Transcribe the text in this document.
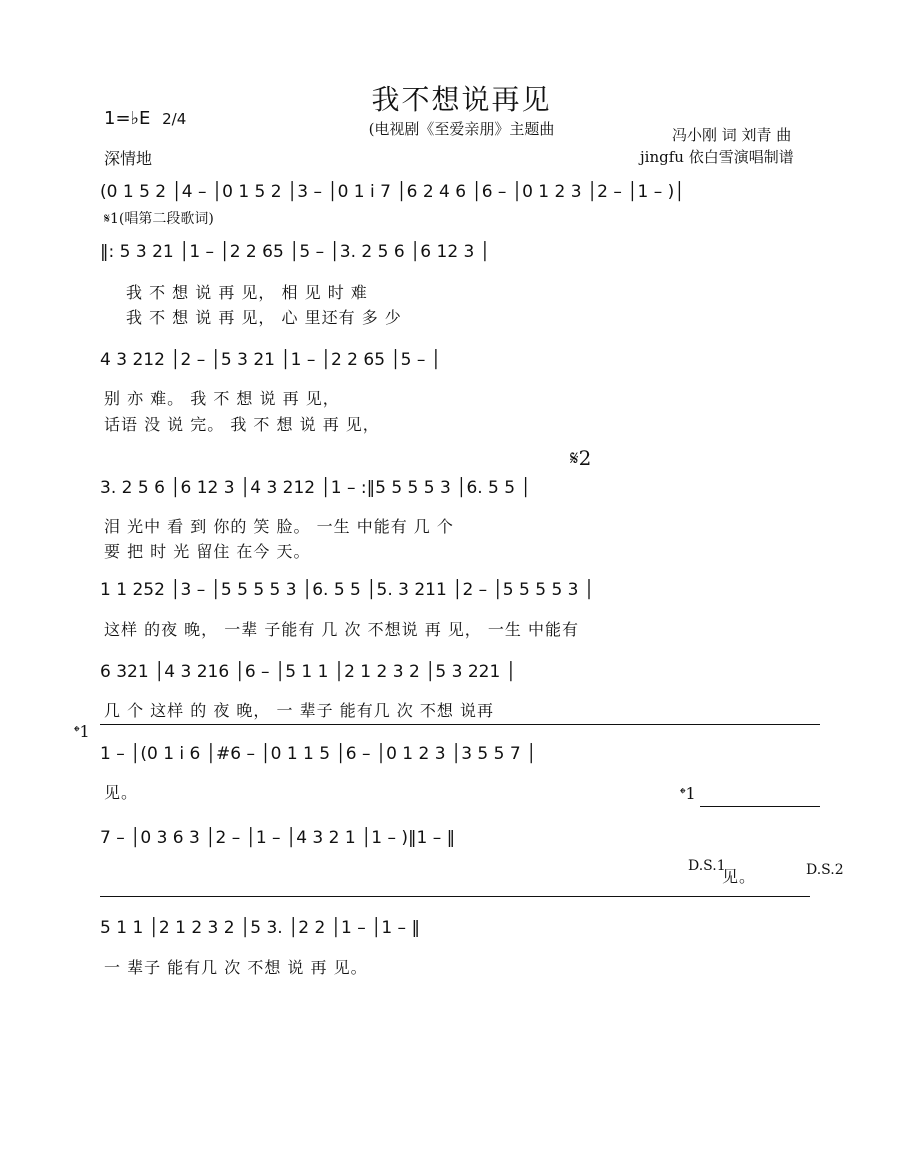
我不想说再见
(电视剧《至爱亲朋》主题曲
1=♭E 2/4
深情地
冯小刚 词 刘青 曲
jingfu 依白雪演唱制谱
(0 1 5 2 │4 – │0 1 5 2 │3 – │0 1 i 7 │6 2 4 6 │6 – │0 1 2 3 │2 – │1 – )│
𝄋1(唱第二段歌词)
‖: 5 3 21 │1 – │2 2 65 │5 – │3. 2 5 6 │6 12 3 │
我 不 想 说 再 见， 相 见 时 难
我 不 想 说 再 见， 心 里还有 多 少
4 3 212 │2 – │5 3 21 │1 – │2 2 65 │5 – │
别 亦 难。 我 不 想 说 再 见，
话语 没 说 完。 我 不 想 说 再 见，
𝄋2
3. 2 5 6 │6 12 3 │4 3 212 │1 – :‖5 5 5 5 3 │6. 5 5 │
泪 光中 看 到 你的 笑 脸。 一生 中能有 几 个
要 把 时 光 留住 在今 天。
1 1 252 │3 – │5 5 5 5 3 │6. 5 5 │5. 3 211 │2 – │5 5 5 5 3 │
这样 的夜 晚， 一辈 子能有 几 次 不想说 再 见， 一生 中能有
6 321 │4 3 216 │6 – │5 1 1 │2 1 2 3 2 │5 3 221 │
几 个 这样 的 夜 晚， 一 辈子 能有几 次 不想 说再
𝄌1
1 – │(0 1 i 6 │#6 – │0 1 1 5 │6 – │0 1 2 3 │3 5 5 7 │
见。	𝄌1
7 – │0 3 6 3 │2 – │1 – │4 3 2 1 │1 – )‖1 – ‖
D.S.1
见。	D.S.2
5 1 1 │2 1 2 3 2 │5 3. │2 2 │1 – │1 – ‖
一 辈子 能有几 次 不想 说 再 见。
